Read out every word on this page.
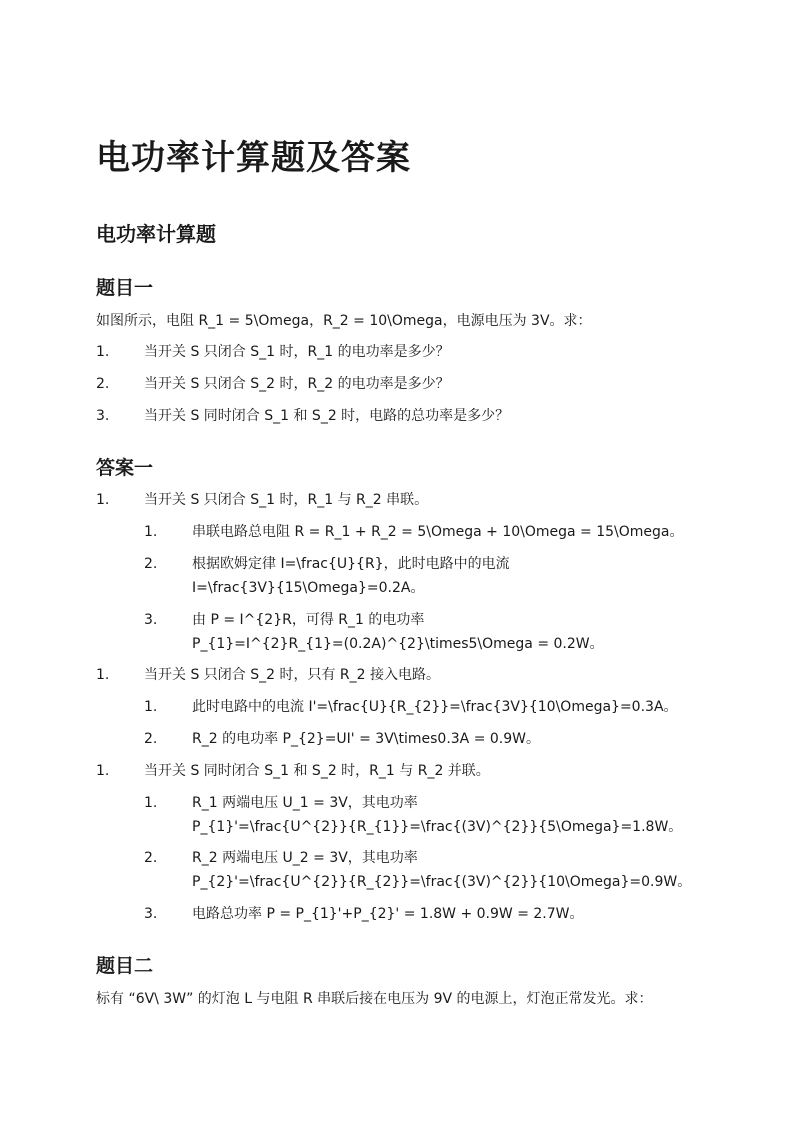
电功率计算题及答案
电功率计算题
题目一

如图所示，电阻 R_1 = 5\Omega，R_2 = 10\Omega，电源电压为 3V。求：

1. 当开关 S 只闭合 S_1 时，R_1 的电功率是多少？
2. 当开关 S 只闭合 S_2 时，R_2 的电功率是多少？
3. 当开关 S 同时闭合 S_1 和 S_2 时，电路的总功率是多少？
答案一
1. 当开关 S 只闭合 S_1 时，R_1 与 R_2 串联。
1. 串联电路总电阻 R = R_1 + R_2 = 5\Omega + 10\Omega = 15\Omega。
2. 根据欧姆定律 I=\frac{U}{R}，此时电路中的电流
I=\frac{3V}{15\Omega}=0.2A。
3. 由 P = I^{2}R，可得 R_1 的电功率
P_{1}=I^{2}R_{1}=(0.2A)^{2}\times5\Omega = 0.2W。
1. 当开关 S 只闭合 S_2 时，只有 R_2 接入电路。
1. 此时电路中的电流 I'=\frac{U}{R_{2}}=\frac{3V}{10\Omega}=0.3A。
2. R_2 的电功率 P_{2}=UI' = 3V\times0.3A = 0.9W。
1. 当开关 S 同时闭合 S_1 和 S_2 时，R_1 与 R_2 并联。
1. R_1 两端电压 U_1 = 3V，其电功率
P_{1}'=\frac{U^{2}}{R_{1}}=\frac{(3V)^{2}}{5\Omega}=1.8W。
2. R_2 两端电压 U_2 = 3V，其电功率
P_{2}'=\frac{U^{2}}{R_{2}}=\frac{(3V)^{2}}{10\Omega}=0.9W。
3. 电路总功率 P = P_{1}'+P_{2}' = 1.8W + 0.9W = 2.7W。
题目二

标有 “6V\ 3W” 的灯泡 L 与电阻 R 串联后接在电压为 9V 的电源上，灯泡正常发光。求：
